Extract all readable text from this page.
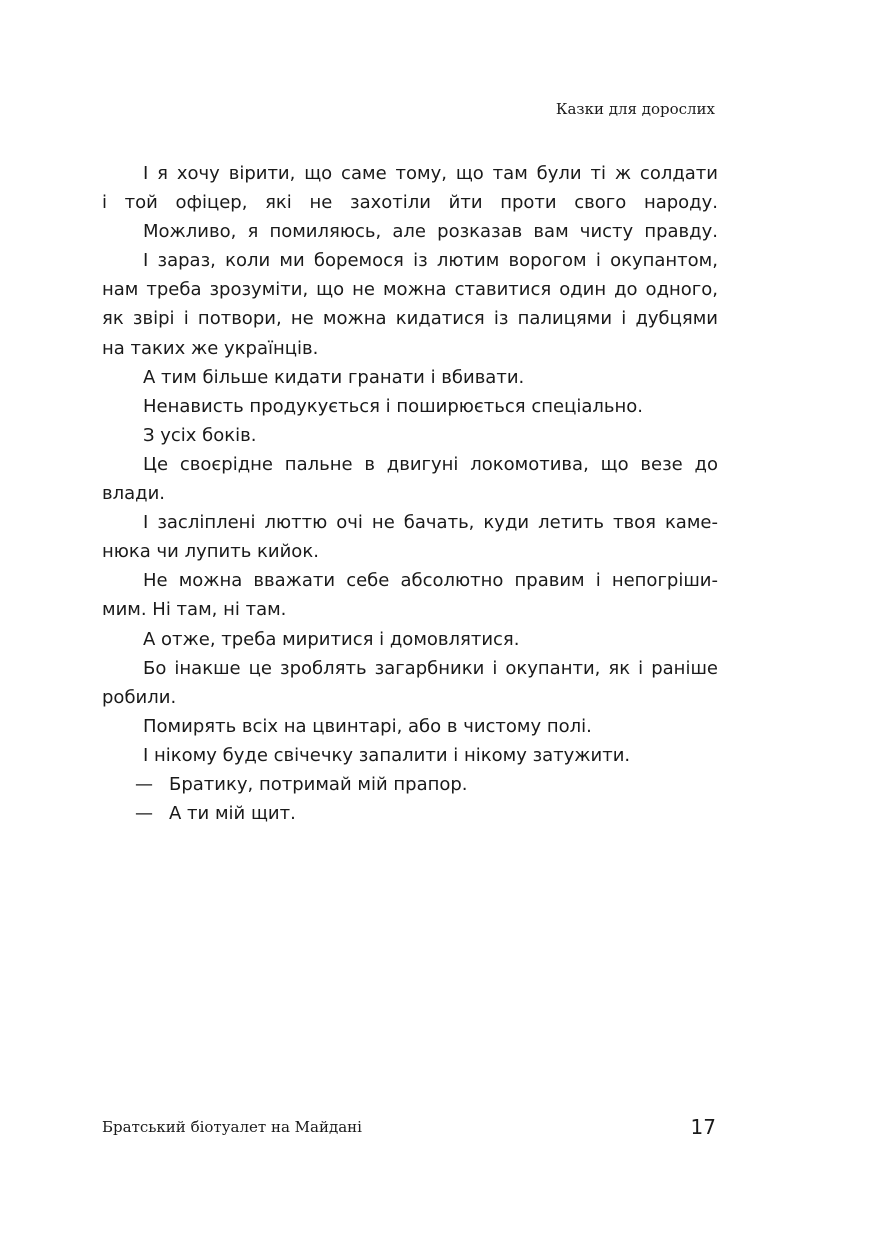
Казки для дорослих
І я хочу вірити, що саме тому, що там були ті ж солдати
і той офіцер, які не захотіли йти проти свого народу.
Можливо, я помиляюсь, але розказав вам чисту правду.
І зараз, коли ми боремося із лютим ворогом і окупантом,
нам треба зрозуміти, що не можна ставитися один до одного,
як звірі і потвори, не можна кидатися із палицями і дубцями
на таких же українців.
А тим більше кидати гранати і вбивати.
Ненависть продукується і поширюється спеціально.
З усіх боків.
Це своєрідне пальне в двигуні локомотива, що везе до
влади.
І засліплені люттю очі не бачать, куди летить твоя каме-
нюка чи лупить кийок.
Не можна вважати себе абсолютно правим і непогріши-
мим. Ні там, ні там.
А отже, треба миритися і домовлятися.
Бо інакше це зроблять загарбники і окупанти, як і раніше
робили.
Помирять всіх на цвинтарі, або в чистому полі.
І нікому буде свічечку запалити і нікому затужити.
— Братику, потримай мій прапор.
— А ти мій щит.
Братський біотуалет на Майдані	17
